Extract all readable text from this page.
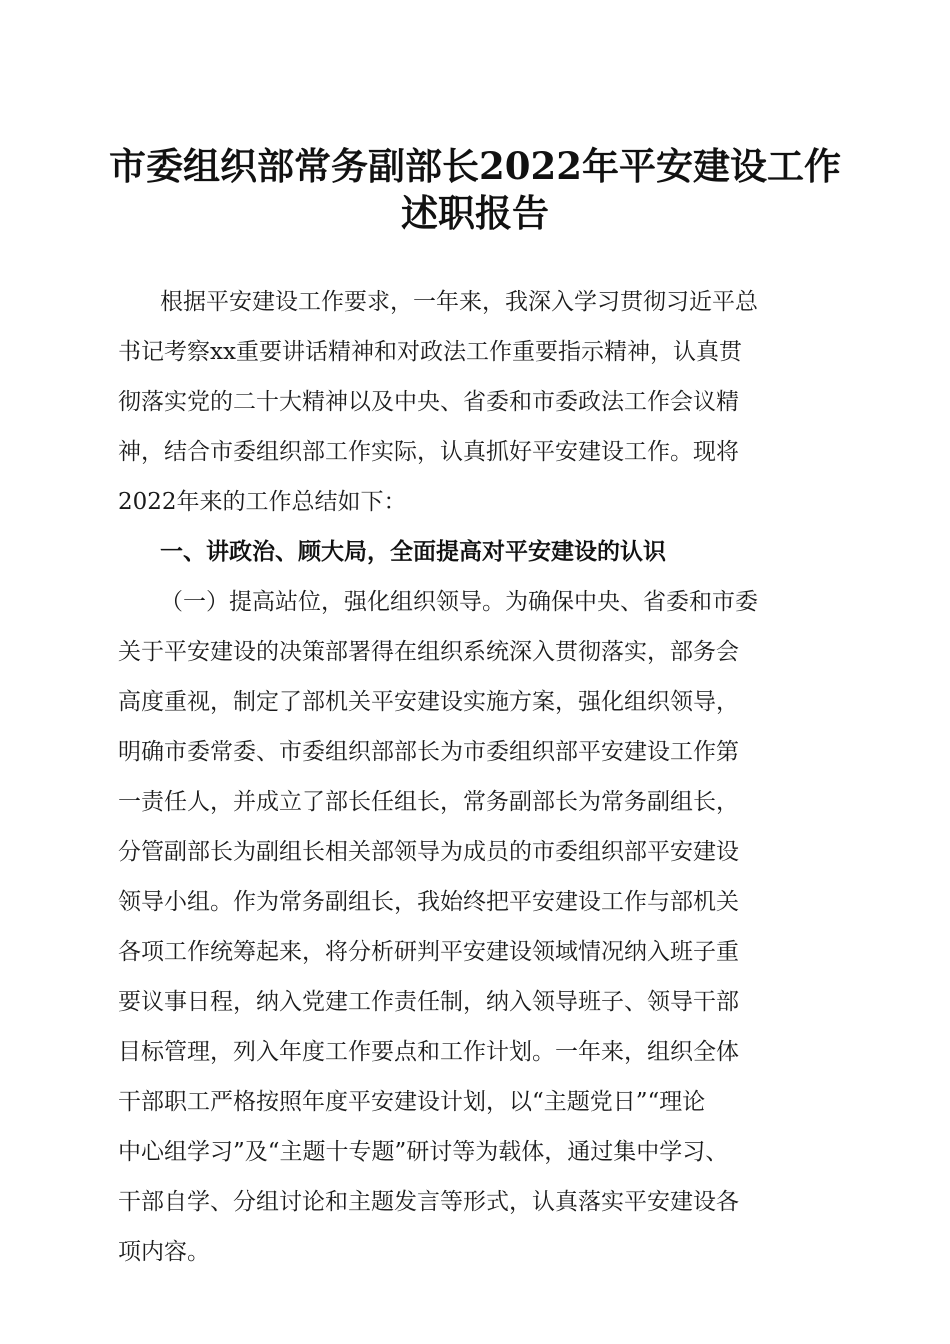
市委组织部常务副部长2022年平安建设工作
述职报告
根据平安建设工作要求，一年来，我深入学习贯彻习近平总
书记考察xx重要讲话精神和对政法工作重要指示精神，认真贯
彻落实党的二十大精神以及中央、省委和市委政法工作会议精
神，结合市委组织部工作实际，认真抓好平安建设工作。现将
2022年来的工作总结如下：
一、讲政治、顾大局，全面提高对平安建设的认识
（一）提高站位，强化组织领导。为确保中央、省委和市委
关于平安建设的决策部署得在组织系统深入贯彻落实，部务会
高度重视，制定了部机关平安建设实施方案，强化组织领导，
明确市委常委、市委组织部部长为市委组织部平安建设工作第
一责任人，并成立了部长任组长，常务副部长为常务副组长，
分管副部长为副组长相关部领导为成员的市委组织部平安建设
领导小组。作为常务副组长，我始终把平安建设工作与部机关
各项工作统筹起来，将分析研判平安建设领域情况纳入班子重
要议事日程，纳入党建工作责任制，纳入领导班子、领导干部
目标管理，列入年度工作要点和工作计划。一年来，组织全体
干部职工严格按照年度平安建设计划，以“主题党日”“理论
中心组学习”及“主题十专题”研讨等为载体，通过集中学习、
干部自学、分组讨论和主题发言等形式，认真落实平安建设各
项内容。
